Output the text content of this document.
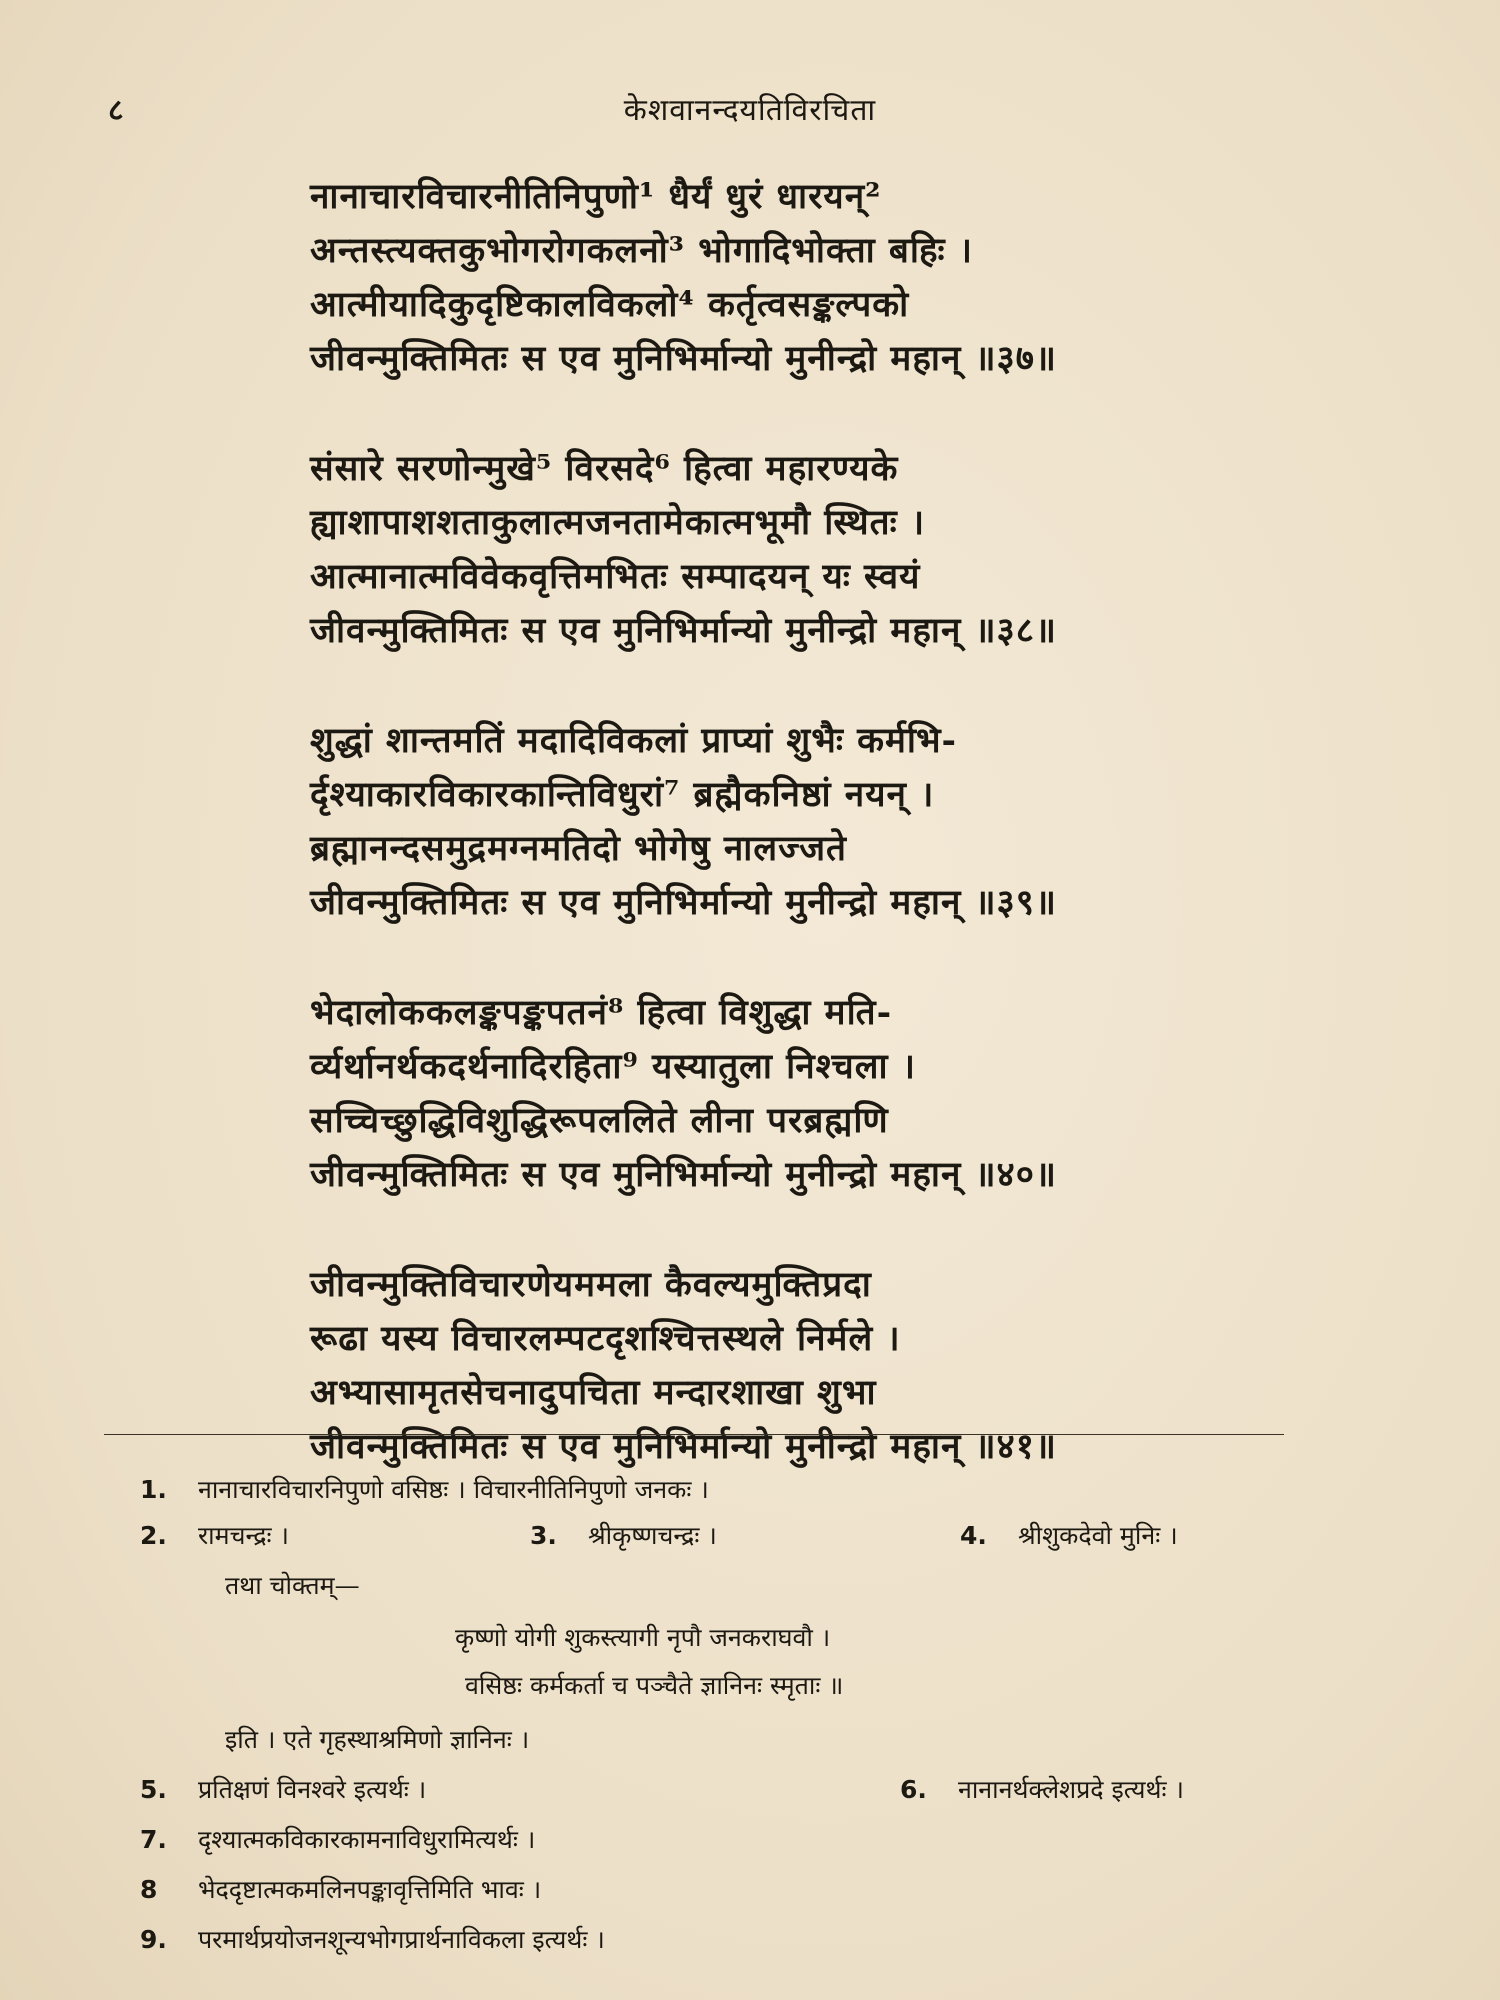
८	केशवानन्दयतिविरचिता
नानाचारविचारनीतिनिपुणो¹ धैर्यं धुरं धारयन्²
अन्तस्त्यक्तकुभोगरोगकलनो³ भोगादिभोक्ता बहिः ।
आत्मीयादिकुदृष्टिकालविकलो⁴ कर्तृत्वसङ्कल्पको
जीवन्मुक्तिमितः स एव मुनिभिर्मान्यो मुनीन्द्रो महान् ॥३७॥
संसारे सरणोन्मुखे⁵ विरसदे⁶ हित्वा महारण्यके
ह्याशापाशशताकुलात्मजनतामेकात्मभूमौ स्थितः ।
आत्मानात्मविवेकवृत्तिमभितः सम्पादयन् यः स्वयं
जीवन्मुक्तिमितः स एव मुनिभिर्मान्यो मुनीन्द्रो महान् ॥३८॥
शुद्धां शान्तमतिं मदादिविकलां प्राप्यां शुभैः कर्मभि-
र्दृश्याकारविकारकान्तिविधुरां⁷ ब्रह्मैकनिष्ठां नयन् ।
ब्रह्मानन्दसमुद्रमग्नमतिदो भोगेषु नालज्जते
जीवन्मुक्तिमितः स एव मुनिभिर्मान्यो मुनीन्द्रो महान् ॥३९॥
भेदालोककलङ्कपङ्कपतनं⁸ हित्वा विशुद्धा मति-
र्व्यर्थानर्थकदर्थनादिरहिता⁹ यस्यातुला निश्चला ।
सच्चिच्छुद्धिविशुद्धिरूपललिते लीना परब्रह्मणि
जीवन्मुक्तिमितः स एव मुनिभिर्मान्यो मुनीन्द्रो महान् ॥४०॥
जीवन्मुक्तिविचारणेयममला कैवल्यमुक्तिप्रदा
रूढा यस्य विचारलम्पटदृशश्चित्तस्थले निर्मले ।
अभ्यासामृतसेचनादुपचिता मन्दारशाखा शुभा
जीवन्मुक्तिमितः स एव मुनिभिर्मान्यो मुनीन्द्रो महान् ॥४१॥
1. नानाचारविचारनिपुणो वसिष्ठः । विचारनीतिनिपुणो जनकः ।
2. रामचन्द्रः ।	3. श्रीकृष्णचन्द्रः ।	4. श्रीशुकदेवो मुनिः ।
तथा चोक्तम्—
कृष्णो योगी शुकस्त्यागी नृपौ जनकराघवौ ।
वसिष्ठः कर्मकर्ता च पञ्चैते ज्ञानिनः स्मृताः ॥
इति । एते गृहस्थाश्रमिणो ज्ञानिनः ।
5. प्रतिक्षणं विनश्वरे इत्यर्थः ।	6. नानानर्थक्लेशप्रदे इत्यर्थः ।
7. दृश्यात्मकविकारकामनाविधुरामित्यर्थः ।
8 भेददृष्टात्मकमलिनपङ्कावृत्तिमिति भावः ।
9. परमार्थप्रयोजनशून्यभोगप्रार्थनाविकला इत्यर्थः ।
